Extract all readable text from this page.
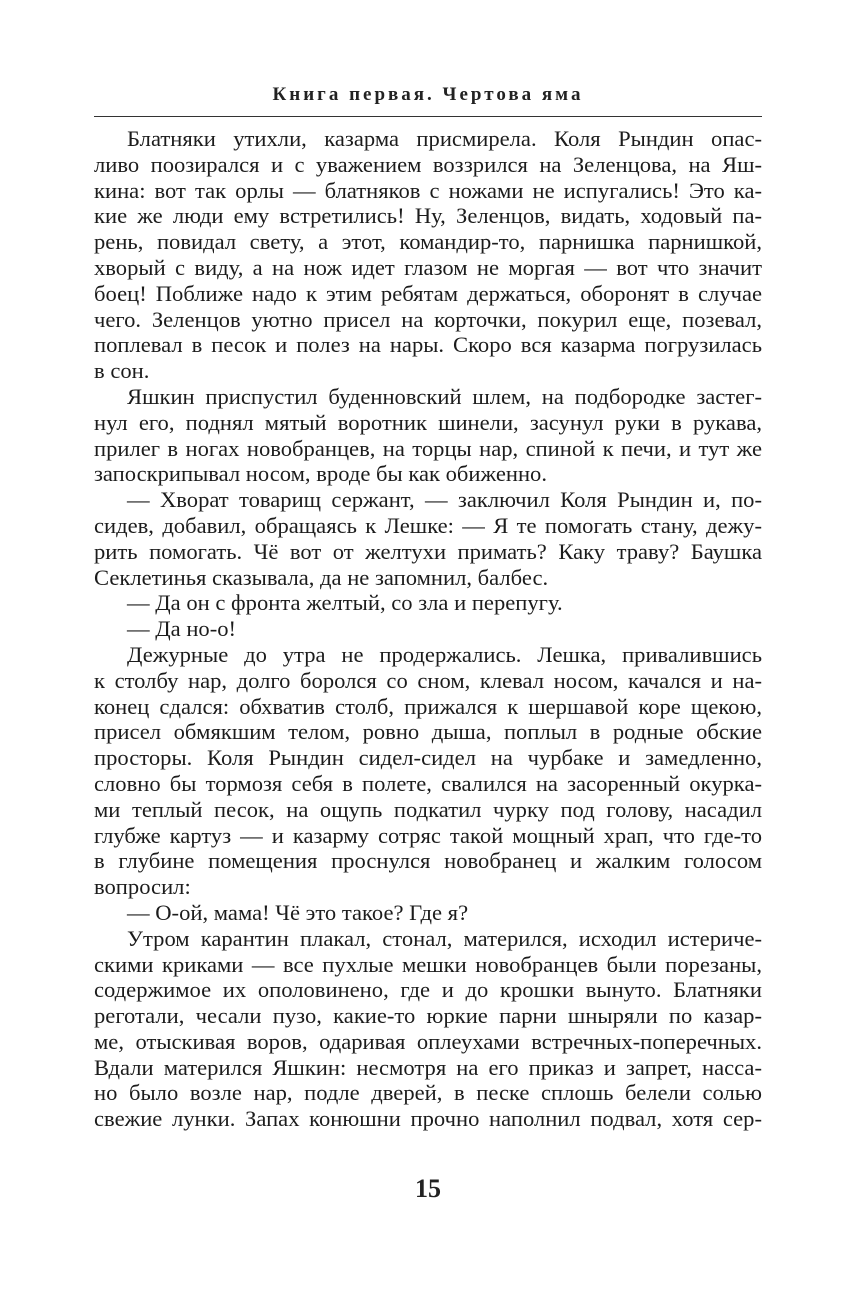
Книга первая. Чертова яма
Блатняки утихли, казарма присмирела. Коля Рындин опас-
ливо поозирался и с уважением воззрился на Зеленцова, на Яш-
кина: вот так орлы — блатняков с ножами не испугались! Это ка-
кие же люди ему встретились! Ну, Зеленцов, видать, ходовый па-
рень, повидал свету, а этот, командир-то, парнишка парнишкой,
хворый с виду, а на нож идет глазом не моргая — вот что значит
боец! Поближе надо к этим ребятам держаться, оборонят в случае
чего. Зеленцов уютно присел на корточки, покурил еще, позевал,
поплевал в песок и полез на нары. Скоро вся казарма погрузилась
в сон.
Яшкин приспустил буденновский шлем, на подбородке застег-
нул его, поднял мятый воротник шинели, засунул руки в рукава,
прилег в ногах новобранцев, на торцы нар, спиной к печи, и тут же
запоскрипывал носом, вроде бы как обиженно.
— Хворат товарищ сержант, — заключил Коля Рындин и, по-
сидев, добавил, обращаясь к Лешке: — Я те помогать стану, дежу-
рить помогать. Чё вот от желтухи примать? Каку траву? Баушка
Секлетинья сказывала, да не запомнил, балбес.
— Да он с фронта желтый, со зла и перепугу.
— Да но-о!
Дежурные до утра не продержались. Лешка, привалившись
к столбу нар, долго боролся со сном, клевал носом, качался и на-
конец сдался: обхватив столб, прижался к шершавой коре щекою,
присел обмякшим телом, ровно дыша, поплыл в родные обские
просторы. Коля Рындин сидел-сидел на чурбаке и замедленно,
словно бы тормозя себя в полете, свалился на засоренный окурка-
ми теплый песок, на ощупь подкатил чурку под голову, насадил
глубже картуз — и казарму сотряс такой мощный храп, что где-то
в глубине помещения проснулся новобранец и жалким голосом
вопросил:
— О-ой, мама! Чё это такое? Где я?
Утром карантин плакал, стонал, матерился, исходил истериче-
скими криками — все пухлые мешки новобранцев были порезаны,
содержимое их ополовинено, где и до крошки вынуто. Блатняки
реготали, чесали пузо, какие-то юркие парни шныряли по казар-
ме, отыскивая воров, одаривая оплеухами встречных-поперечных.
Вдали матерился Яшкин: несмотря на его приказ и запрет, насса-
но было возле нар, подле дверей, в песке сплошь белели солью
свежие лунки. Запах конюшни прочно наполнил подвал, хотя сер-
15
